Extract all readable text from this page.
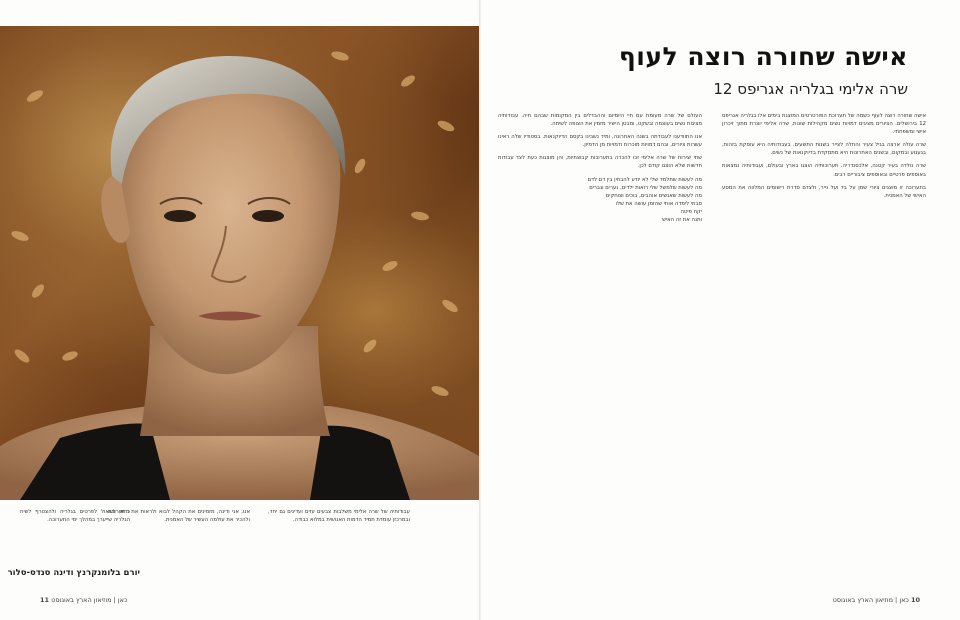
אישה שחורה רוצה לעוף
שרה אלימי בגלריה אגריפס 12

אישה שחורה רוצה לעוף כשמה של תערוכת הפורטרטים המוצגת בימים אלו בגלריה אגריפס 12 בירושלים. הציורים מציגים דמויות נשים מקהילות שונות, שרה אלימי יוצרת מתוך זיכרון אישי ומשפחתי.

שרה עולה ארצה בגיל צעיר והחלה לצייר בשנות התשעים. בעבודותיה היא עוסקת בזהות, בגעגוע ובמקום, ובשנים האחרונות היא מתמקדת בדיוקנאות של נשים.

שרה נולדה בעיר קטנה, אלכסנדריה. תערוכותיה הוצגו בארץ ובעולם, ועבודותיה נמצאות באוספים פרטיים ובאוספים ציבוריים רבים.

בתערוכה זו מוצגים ציורי שמן על בד ועל נייר, ולצדם סדרת רישומים המלווה את המסע האישי של האמנית.

העולם של שרה מעומת עם חיי היומיום וההבדלים בין המקומות שבהם חיה. עבודותיה מציגות נשים בעוצמה ובשקט, ומבטן הישיר מזמין את הצופה לשיחה.

אנו התוודענו לעבודתה בשנה האחרונה, ומיד נשבינו בקסם הדיוקנאות. בסטודיו שלה ראינו עשרות ציורים, ובהם דמויות מוכרות ודמויות מן הדמיון.

שתי יצירות של שרה אלימי זכו להכרה בתערוכות קבוצתיות, והן מוצגות כעת לצד עבודות חדשות שלא הוצגו קודם לכן.

מה לעשות שתלמד שלי לא יודע להבחין בין דם לדם
מה לעשות שלמשל שלי רואות ילדים, נערים וגברים
מה לעשות שאנשים אוהבים, בוכים וצוחקים
סבתי לימדה אותי שהזמן עושה את שלו
יקח פיטה
ותנה את זה האיש

עבודותיה של שרה אלימי משלבות צבעים עזים ועדינים גם יחד, ובמרכזן עומדת תמיד הדמות האנושית במלוא כבודה.

אנו, אני ודינה, מזמינים את הקהל לבוא ולראות את התערוכה ולהכיר את עולמה העשיר של האמנית.

כדאי לשאול לפרטים בגלריה ולהצטרף לשיח הגלריה שייערך במהלך ימי התערוכה.

יורם בלומנקרנץ ודינה סנדס-סלור
10 כאן | מוזיאון הארץ באוגוסט
כאן | מוזיאון הארץ באוגוסט 11
